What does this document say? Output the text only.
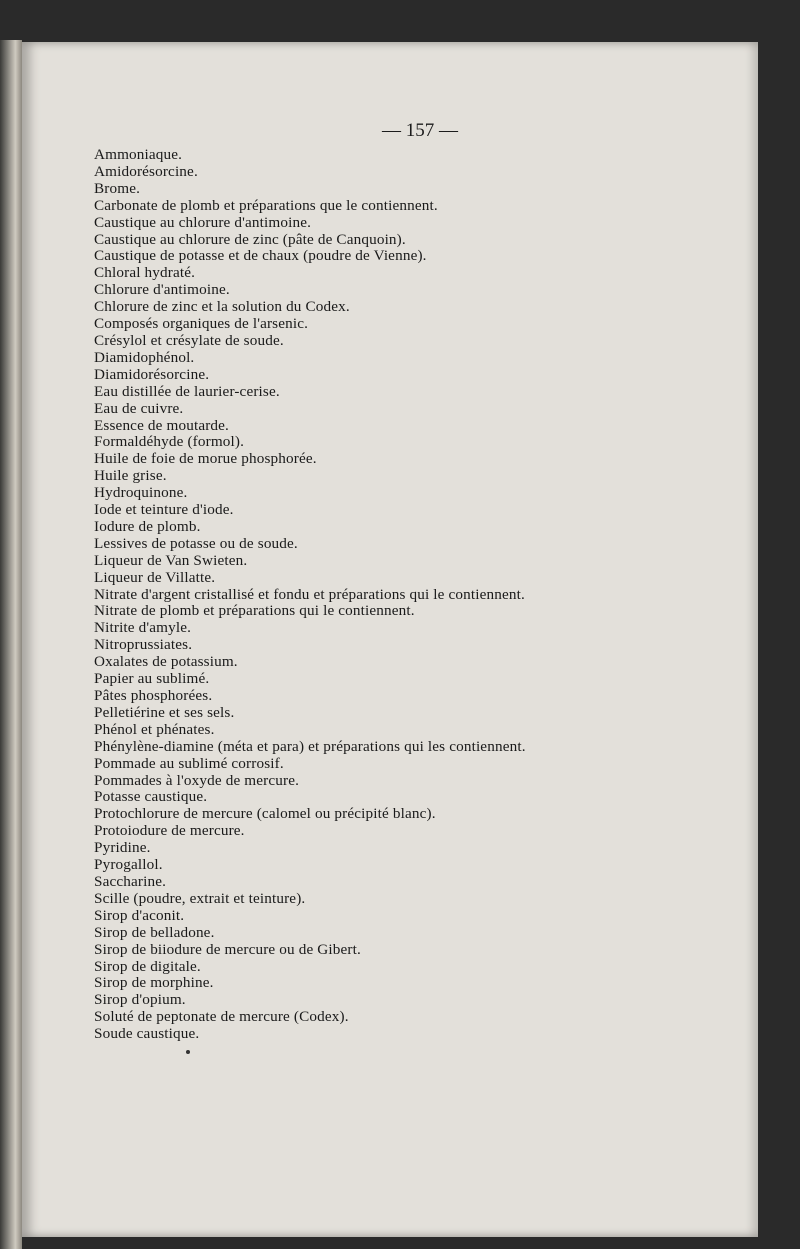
— 157 —
Ammoniaque.
Amidorésorcine.
Brome.
Carbonate de plomb et préparations que le contiennent.
Caustique au chlorure d'antimoine.
Caustique au chlorure de zinc (pâte de Canquoin).
Caustique de potasse et de chaux (poudre de Vienne).
Chloral hydraté.
Chlorure d'antimoine.
Chlorure de zinc et la solution du Codex.
Composés organiques de l'arsenic.
Crésylol et crésylate de soude.
Diamidophénol.
Diamidorésorcine.
Eau distillée de laurier-cerise.
Eau de cuivre.
Essence de moutarde.
Formaldéhyde (formol).
Huile de foie de morue phosphorée.
Huile grise.
Hydroquinone.
Iode et teinture d'iode.
Iodure de plomb.
Lessives de potasse ou de soude.
Liqueur de Van Swieten.
Liqueur de Villatte.
Nitrate d'argent cristallisé et fondu et préparations qui le contiennent.
Nitrate de plomb et préparations qui le contiennent.
Nitrite d'amyle.
Nitroprussiates.
Oxalates de potassium.
Papier au sublimé.
Pâtes phosphorées.
Pelletiérine et ses sels.
Phénol et phénates.
Phénylène-diamine (méta et para) et préparations qui les contiennent.
Pommade au sublimé corrosif.
Pommades à l'oxyde de mercure.
Potasse caustique.
Protochlorure de mercure (calomel ou précipité blanc).
Protoiodure de mercure.
Pyridine.
Pyrogallol.
Saccharine.
Scille (poudre, extrait et teinture).
Sirop d'aconit.
Sirop de belladone.
Sirop de biiodure de mercure ou de Gibert.
Sirop de digitale.
Sirop de morphine.
Sirop d'opium.
Soluté de peptonate de mercure (Codex).
Soude caustique.
